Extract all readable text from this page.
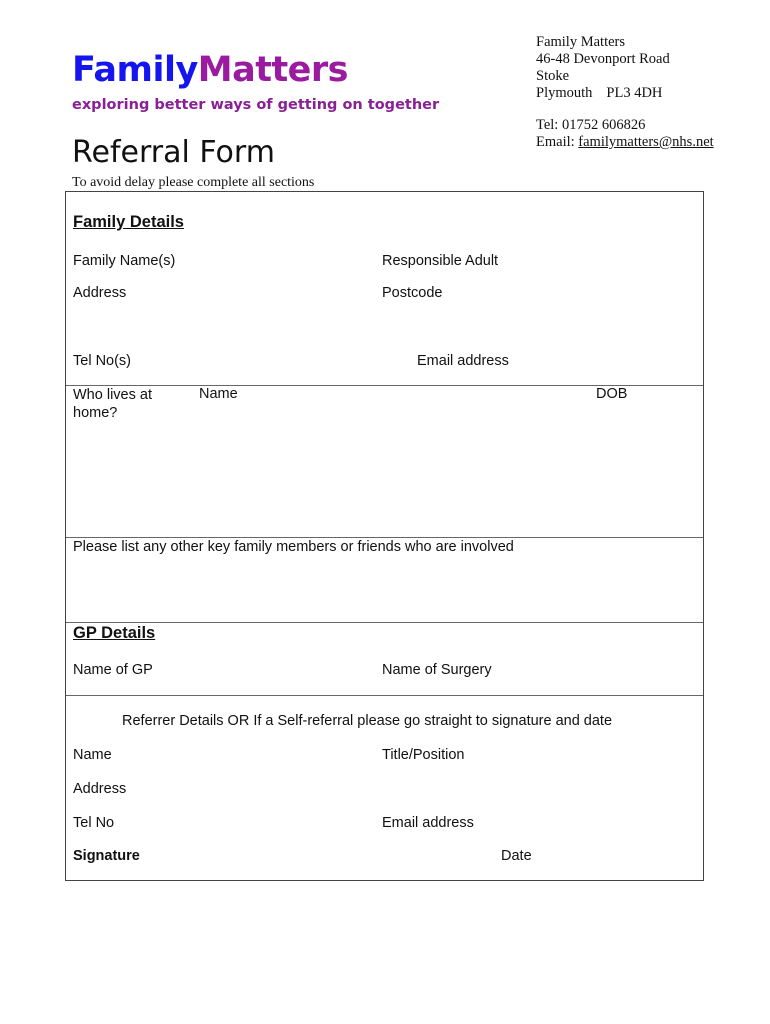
FamilyMatters
exploring better ways of getting on together
Referral Form
To avoid delay please complete all sections
Family Matters
46-48 Devonport Road
Stoke
Plymouth PL3 4DH
Tel: 01752 606826
Email: familymatters@nhs.net
Family Details
Family Name(s)	Responsible Adult
Address	Postcode
Tel No(s)	Email address
Who lives at home?
Name	DOB
Please list any other key family members or friends who are involved
GP Details
Name of GP	Name of Surgery
Referrer Details OR If a Self-referral please go straight to signature and date
Name	Title/Position
Address
Tel No	Email address
Signature	Date
